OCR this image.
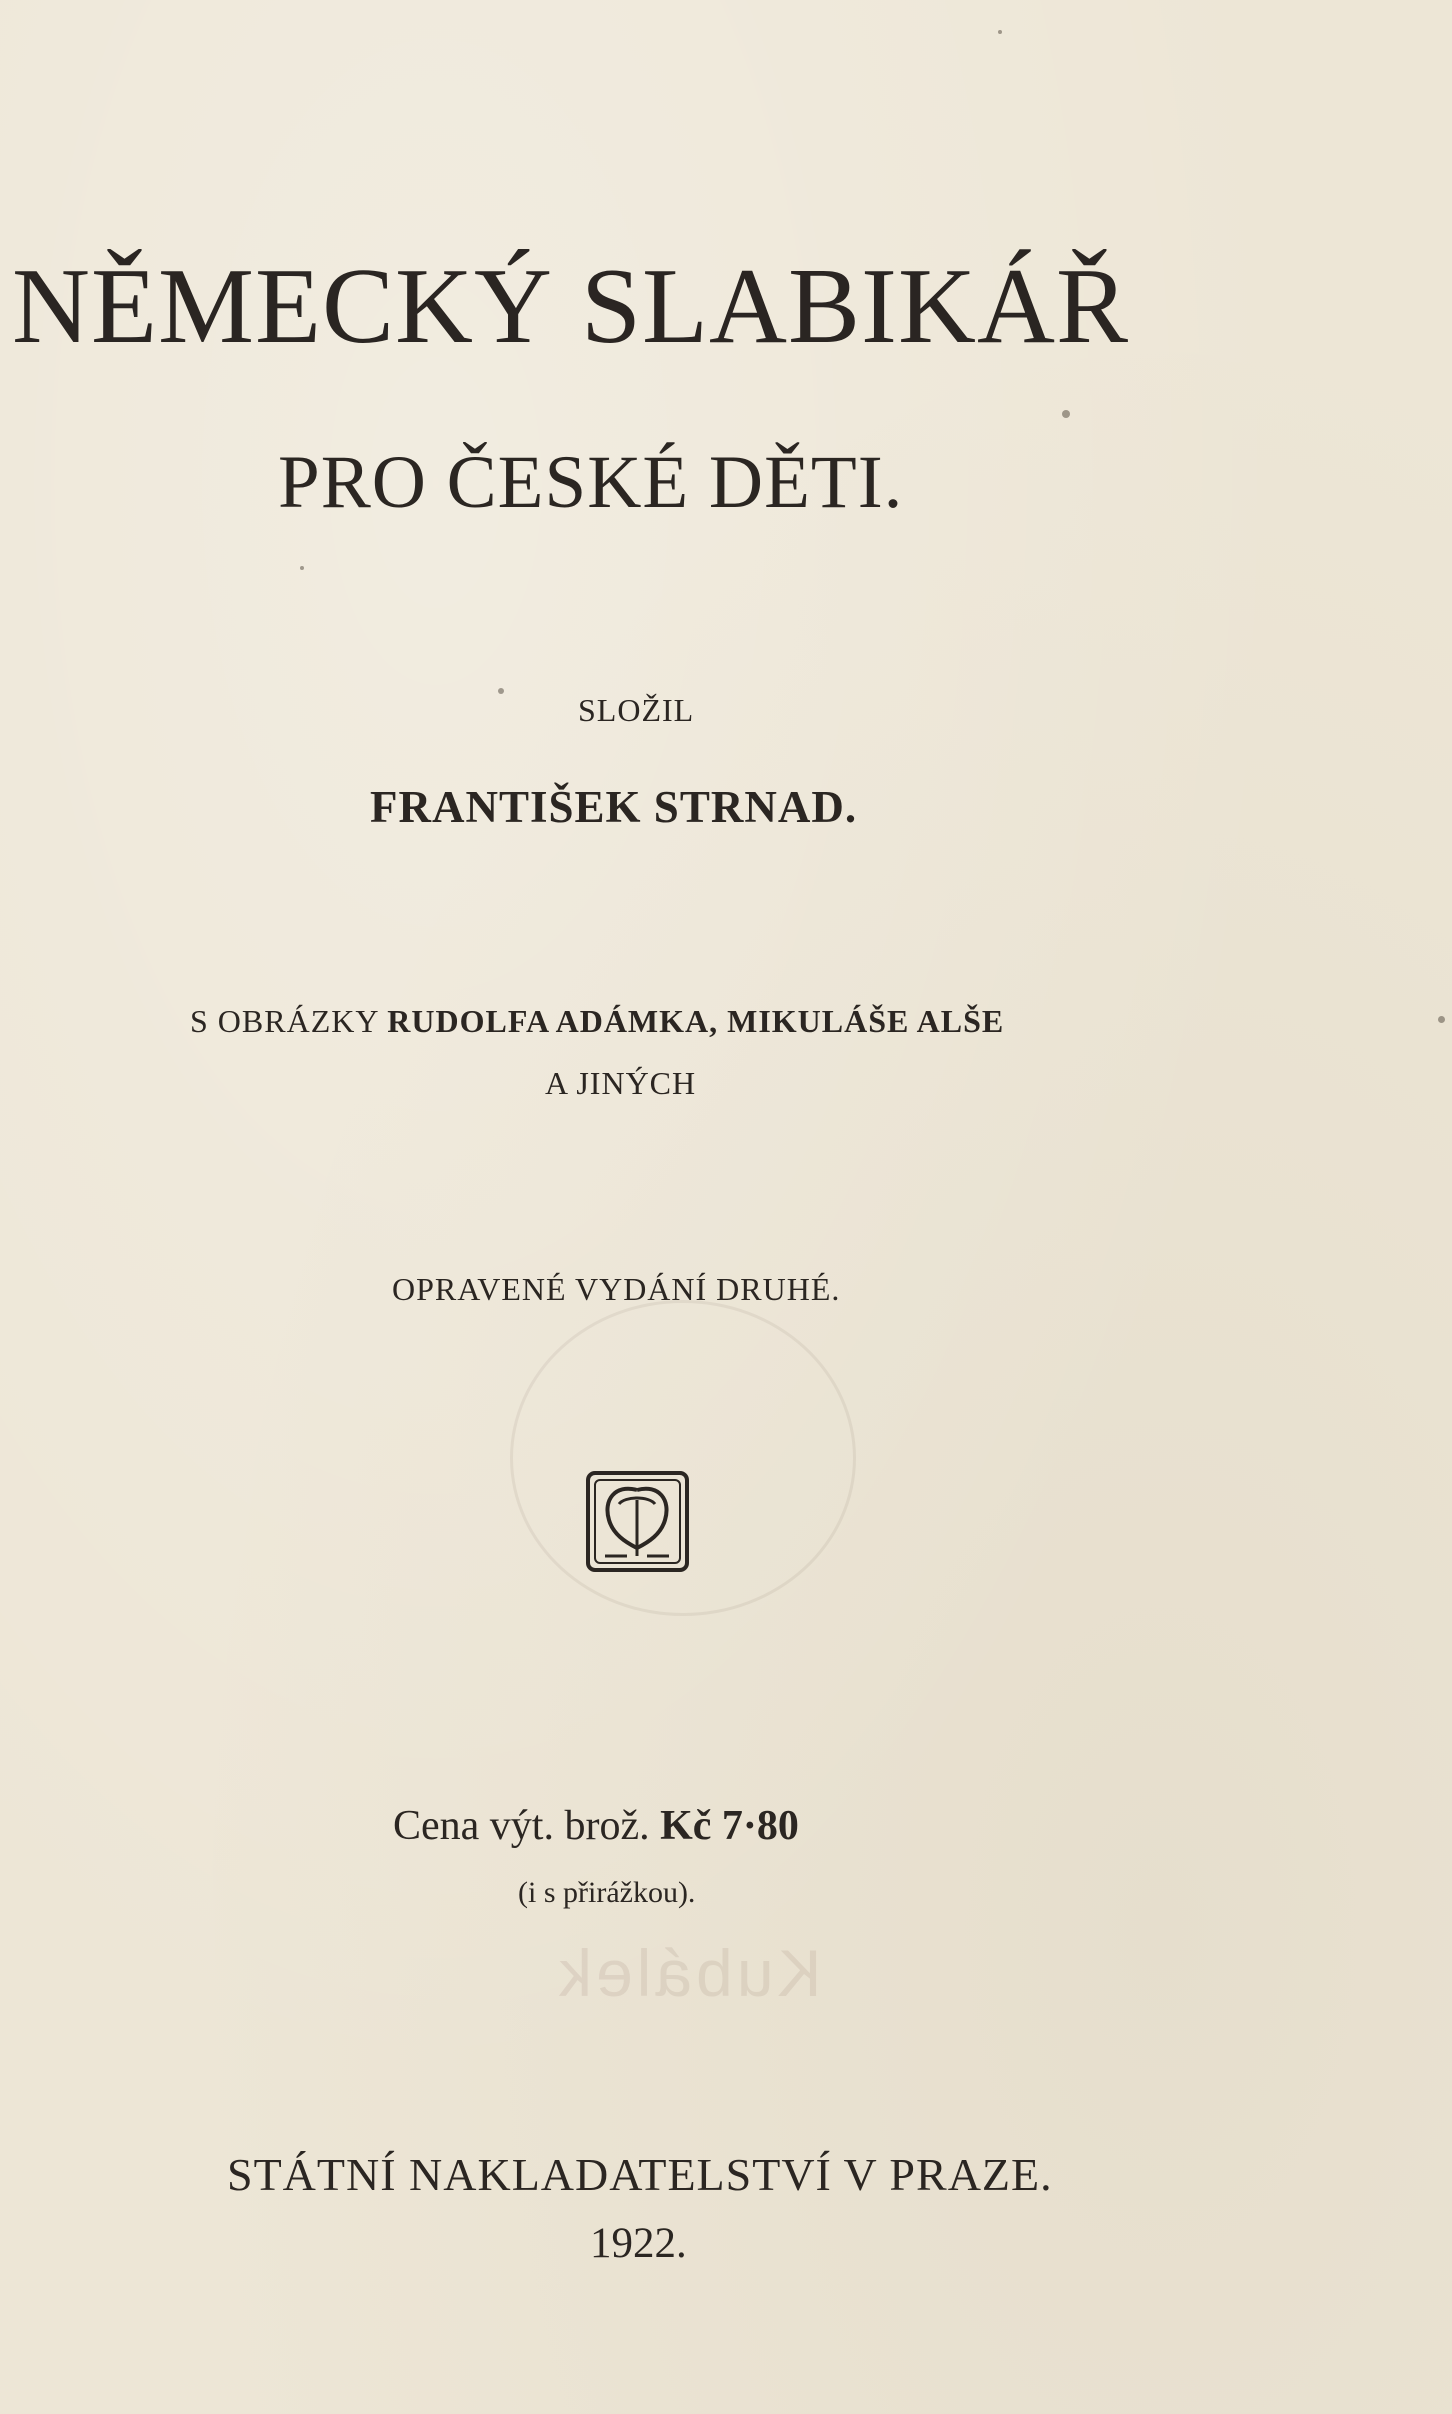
Kubálek
NĚMECKÝ SLABIKÁŘ
PRO ČESKÉ DĚTI.
SLOŽIL
FRANTIŠEK STRNAD.
S OBRÁZKY RUDOLFA ADÁMKA, MIKULÁŠE ALŠE
A JINÝCH
OPRAVENÉ VYDÁNÍ DRUHÉ.
Cena výt. brož. Kč 7·80
(i s přirážkou).
STÁTNÍ NAKLADATELSTVÍ V PRAZE.
1922.
